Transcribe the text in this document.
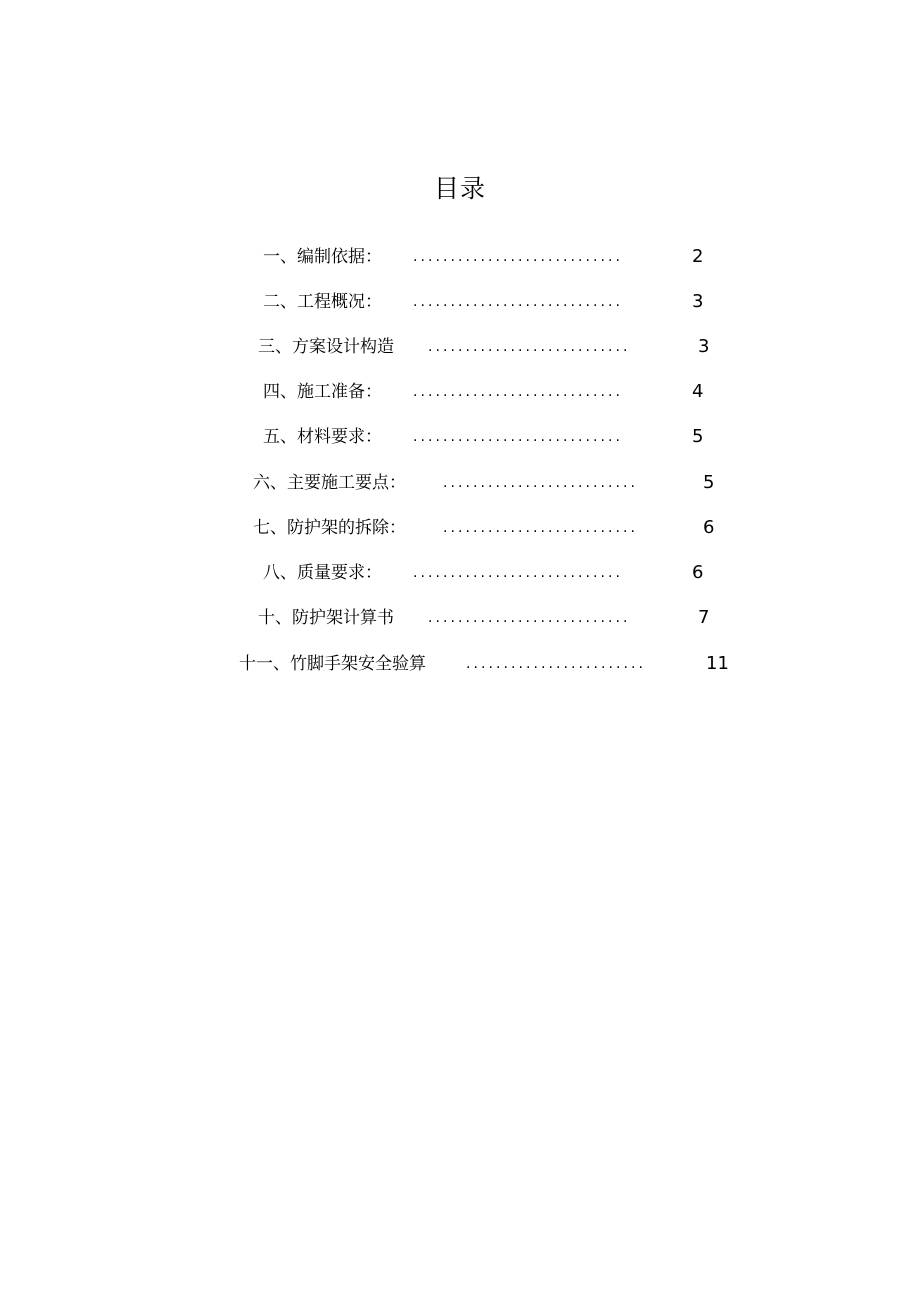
目录
一、编制依据： ............................	2
二、工程概况： ............................	3
三、方案设计构造 ...........................	3
四、施工准备： ............................	4
五、材料要求： ............................	5
六、主要施工要点：	..........................	5
七、防护架的拆除：	..........................	6
八、质量要求： ............................	6
十、防护架计算书 ...........................	7
十一、竹脚手架安全验算	........................	11
